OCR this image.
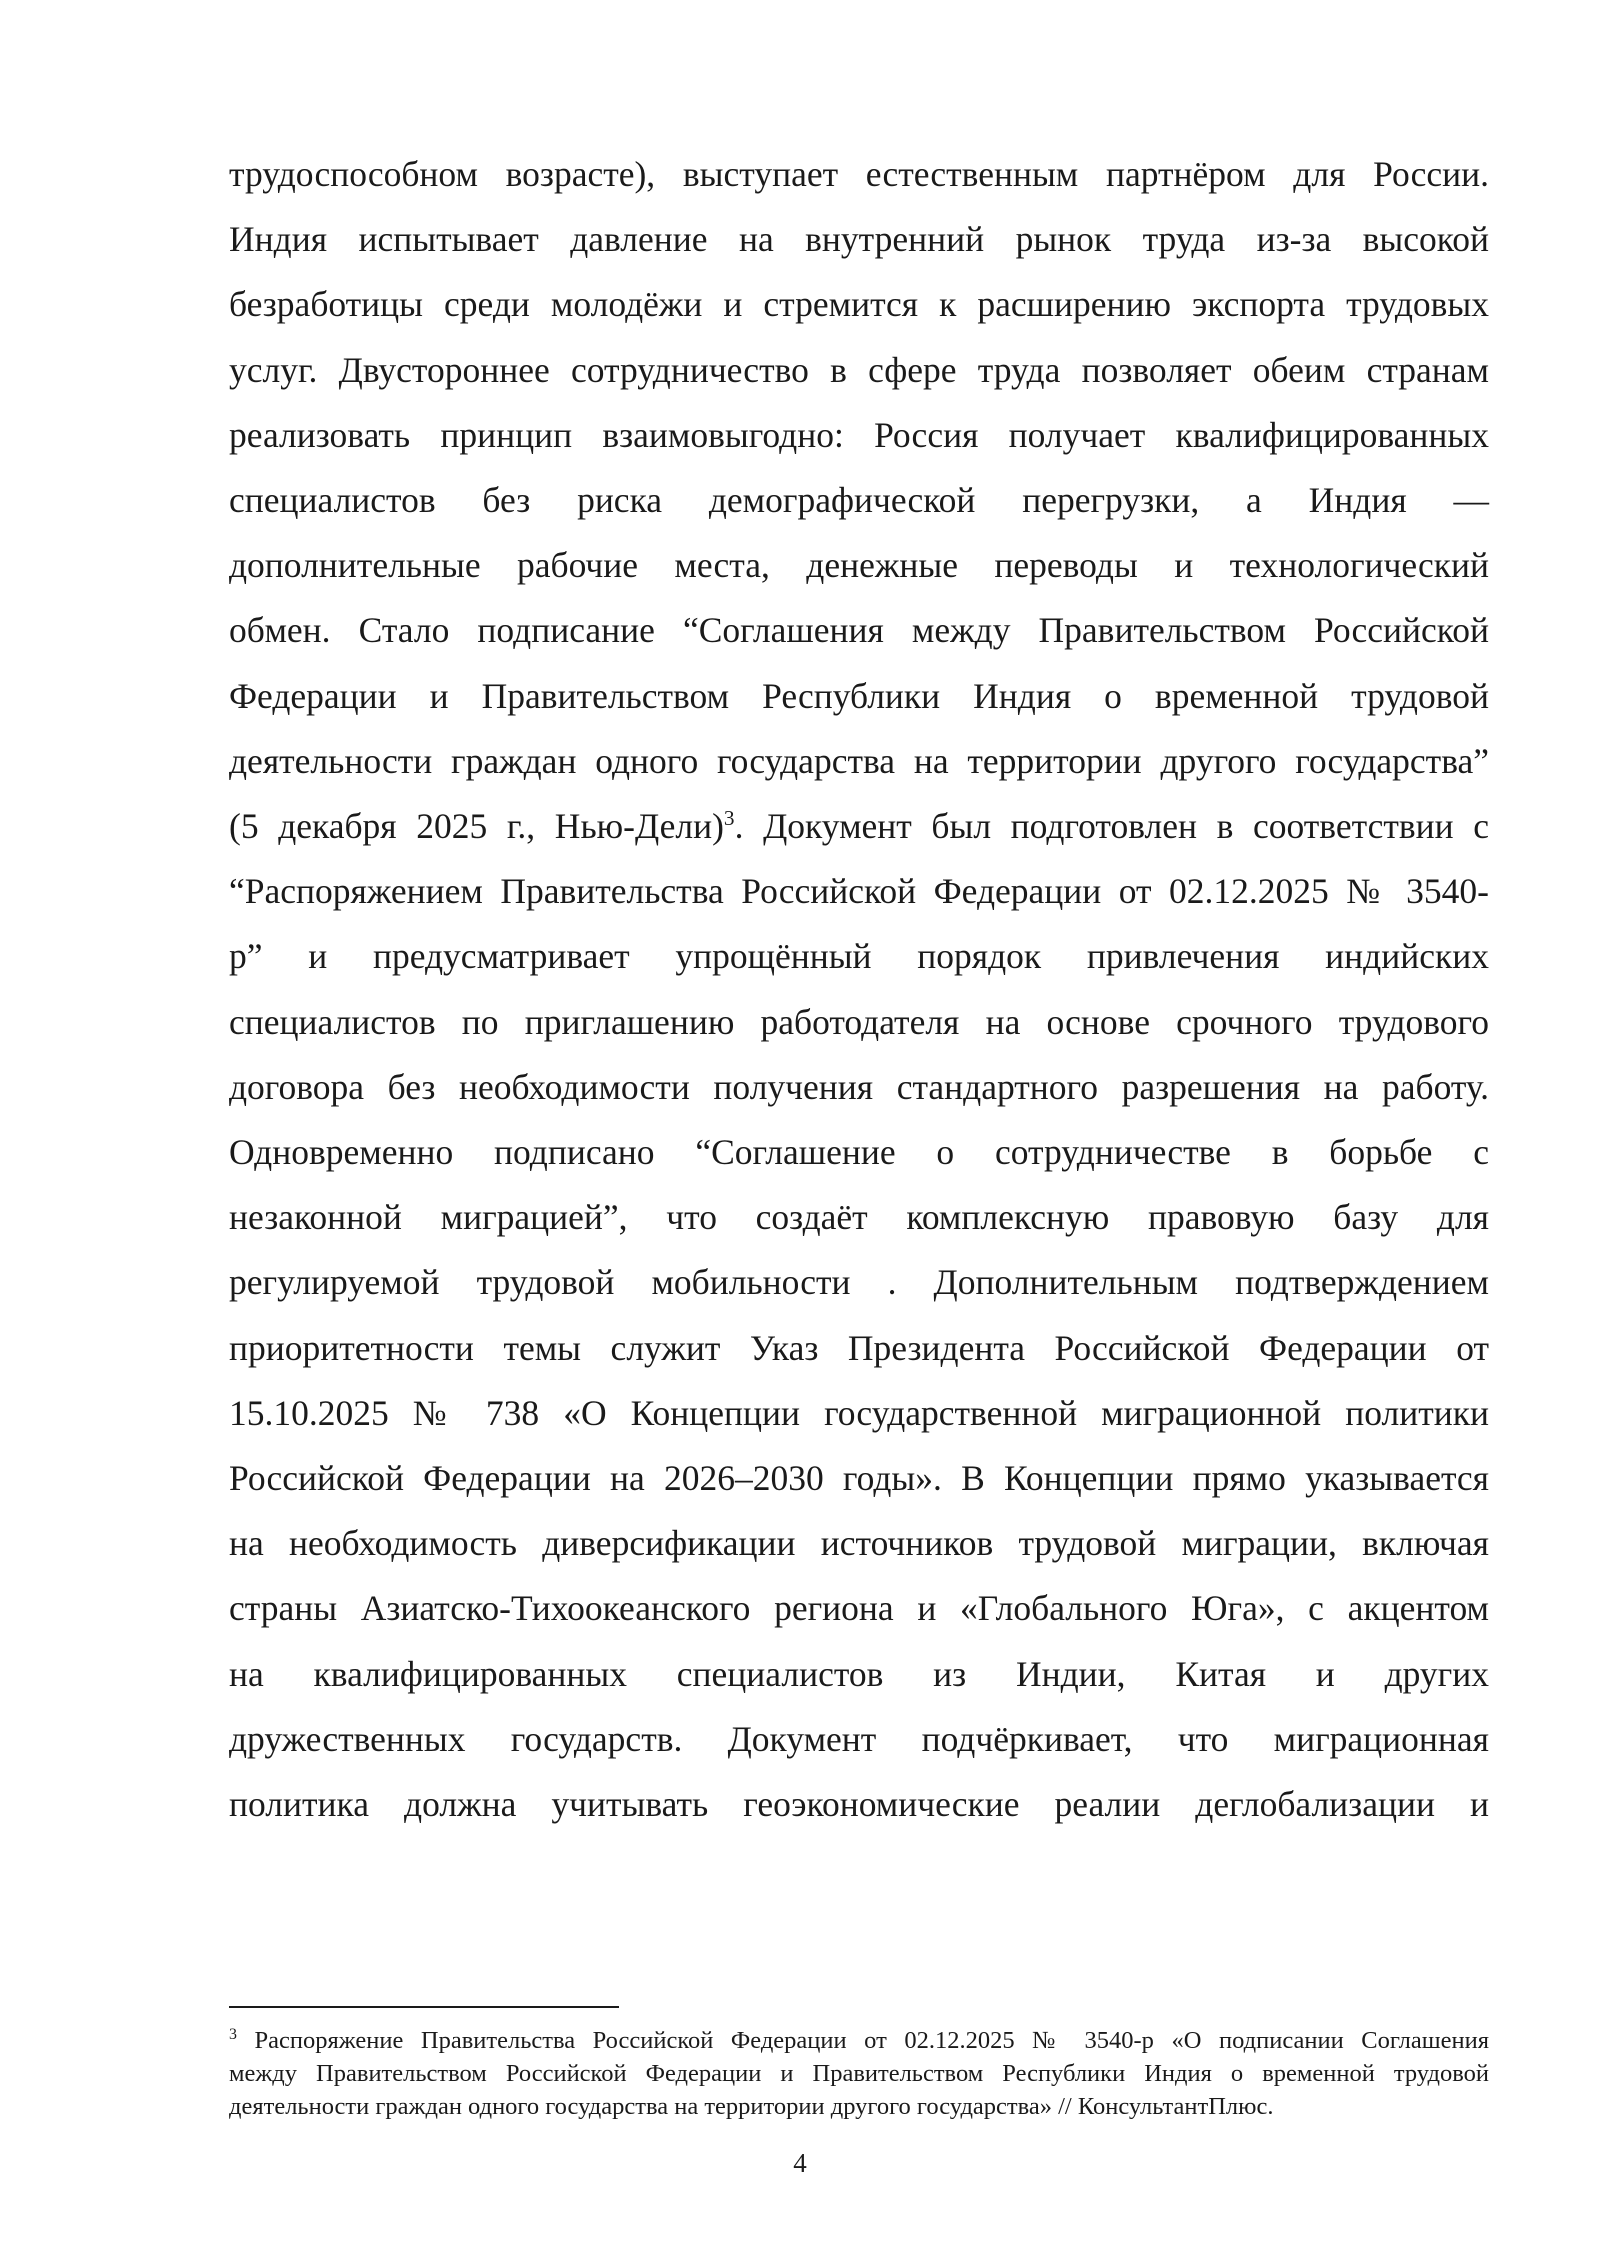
трудоспособном возрасте), выступает естественным партнёром для России.
Индия испытывает давление на внутренний рынок труда из-за высокой
безработицы среди молодёжи и стремится к расширению экспорта трудовых
услуг. Двустороннее сотрудничество в сфере труда позволяет обеим странам
реализовать принцип взаимовыгодно: Россия получает квалифицированных
специалистов без риска демографической перегрузки, а Индия —
дополнительные рабочие места, денежные переводы и технологический
обмен. Стало подписание “Соглашения между Правительством Российской
Федерации и Правительством Республики Индия о временной трудовой
деятельности граждан одного государства на территории другого государства”
(5 декабря 2025 г., Нью-Дели)$^3$. Документ был подготовлен в соответствии с
“Распоряжением Правительства Российской Федерации от 02.12.2025 № 3540-
р” и предусматривает упрощённый порядок привлечения индийских
специалистов по приглашению работодателя на основе срочного трудового
договора без необходимости получения стандартного разрешения на работу.
Одновременно подписано “Соглашение о сотрудничестве в борьбе с
незаконной миграцией”, что создаёт комплексную правовую базу для
регулируемой трудовой мобильности . Дополнительным подтверждением
приоритетности темы служит Указ Президента Российской Федерации от
15.10.2025 № 738 «О Концепции государственной миграционной политики
Российской Федерации на 2026–2030 годы». В Концепции прямо указывается
на необходимость диверсификации источников трудовой миграции, включая
страны Азиатско-Тихоокеанского региона и «Глобального Юга», с акцентом
на квалифицированных специалистов из Индии, Китая и других
дружественных государств. Документ подчёркивает, что миграционная
политика должна учитывать геоэкономические реалии деглобализации и
$^3$ Распоряжение Правительства Российской Федерации от 02.12.2025 № 3540-р «О подписании Соглашения
между Правительством Российской Федерации и Правительством Республики Индия о временной трудовой
деятельности граждан одного государства на территории другого государства» // КонсультантПлюс.
4
